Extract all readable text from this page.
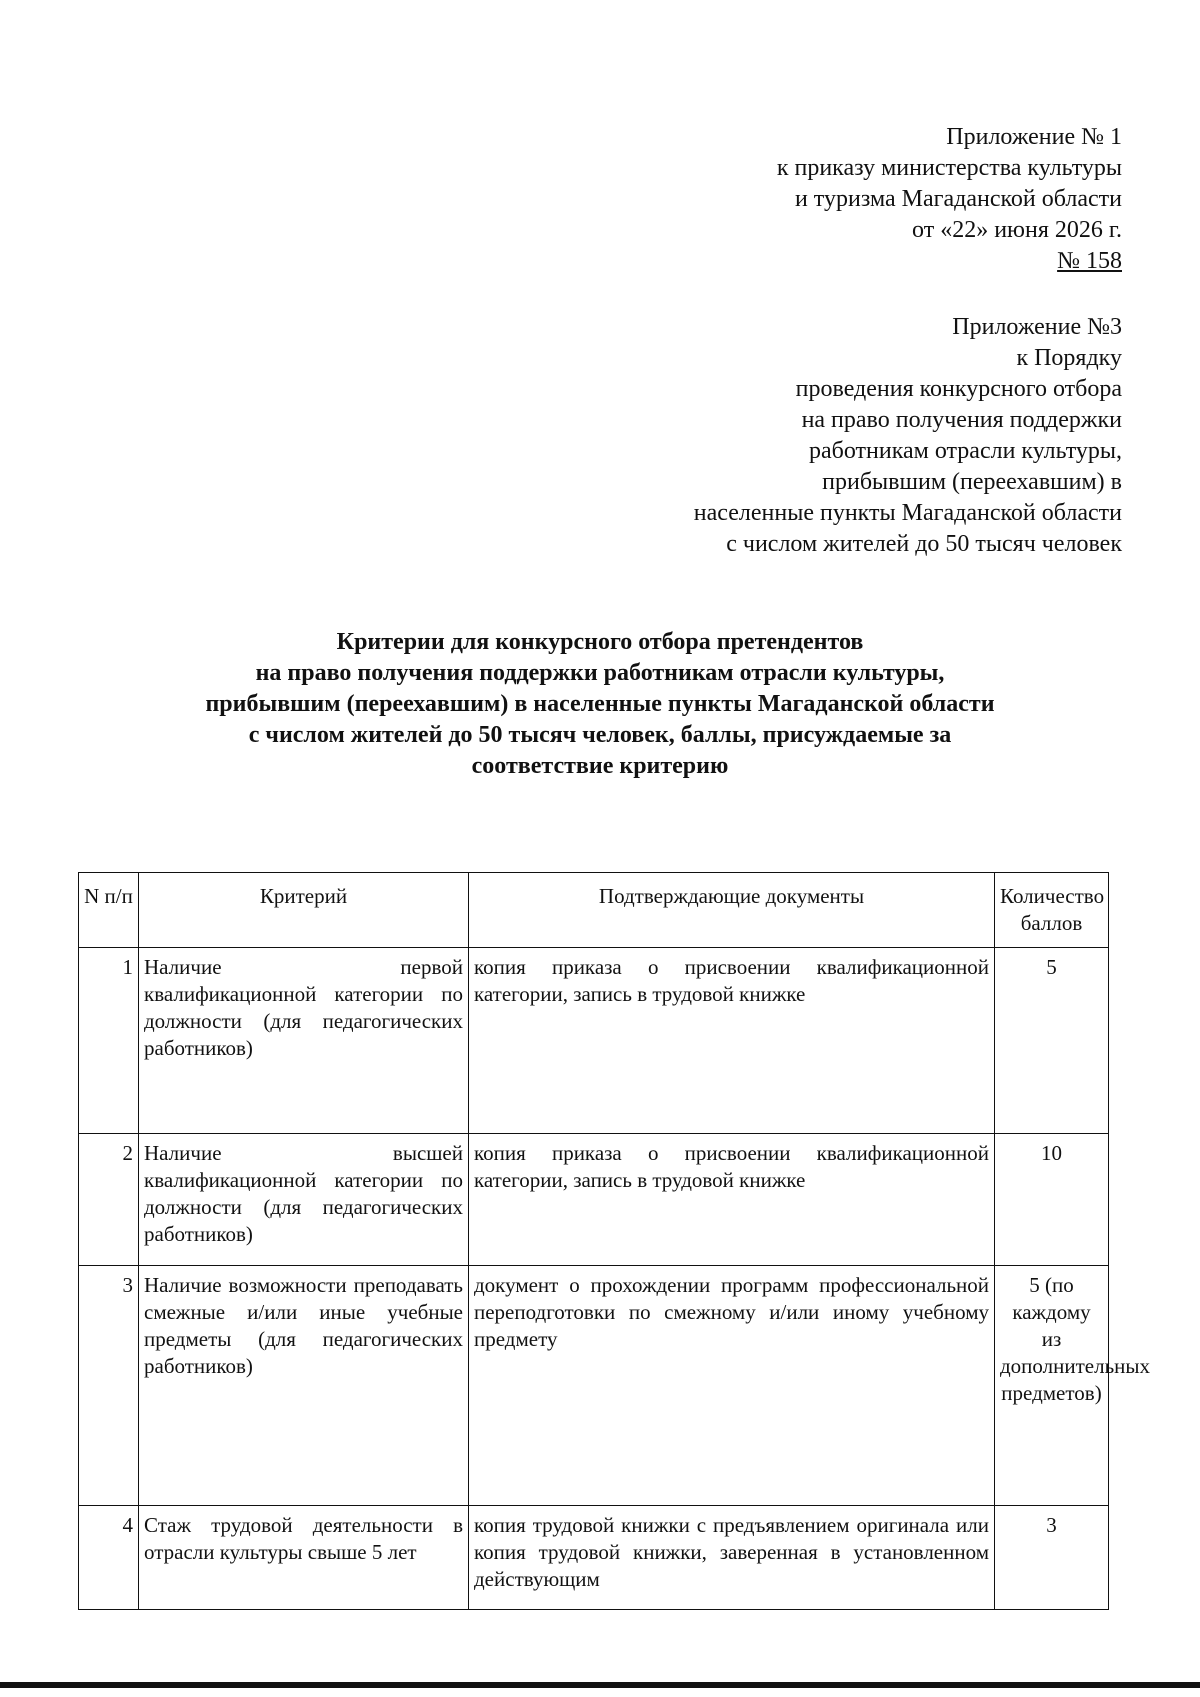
Приложение № 1
к приказу министерства культуры
и туризма Магаданской области
от «22» июня 2026 г.
№ 158
Приложение №3
к Порядку
проведения конкурсного отбора
на право получения поддержки
работникам отрасли культуры,
прибывшим (переехавшим) в
населенные пункты Магаданской области
с числом жителей до 50 тысяч человек
Критерии для конкурсного отбора претендентов
на право получения поддержки работникам отрасли культуры,
прибывшим (переехавшим) в населенные пункты Магаданской области
с числом жителей до 50 тысяч человек, баллы, присуждаемые за
соответствие критерию
N п/п	Критерий	Подтверждающие документы	Количество баллов
1	Наличие первой квалификационной категории по должности (для педагогических работников)	копия приказа о присвоении квалификационной категории, запись в трудовой книжке	5
2	Наличие высшей квалификационной категории по должности (для педагогических работников)	копия приказа о присвоении квалификационной категории, запись в трудовой книжке	10
3	Наличие возможности преподавать смежные и/или иные учебные предметы (для педагогических работников)	документ о прохождении программ профессиональной переподготовки по смежному и/или иному учебному предмету	5 (по каждому из дополнительных предметов)
4	Стаж трудовой деятельности в отрасли культуры свыше 5 лет	копия трудовой книжки с предъявлением оригинала или копия трудовой книжки, заверенная в установленном действующим	3
